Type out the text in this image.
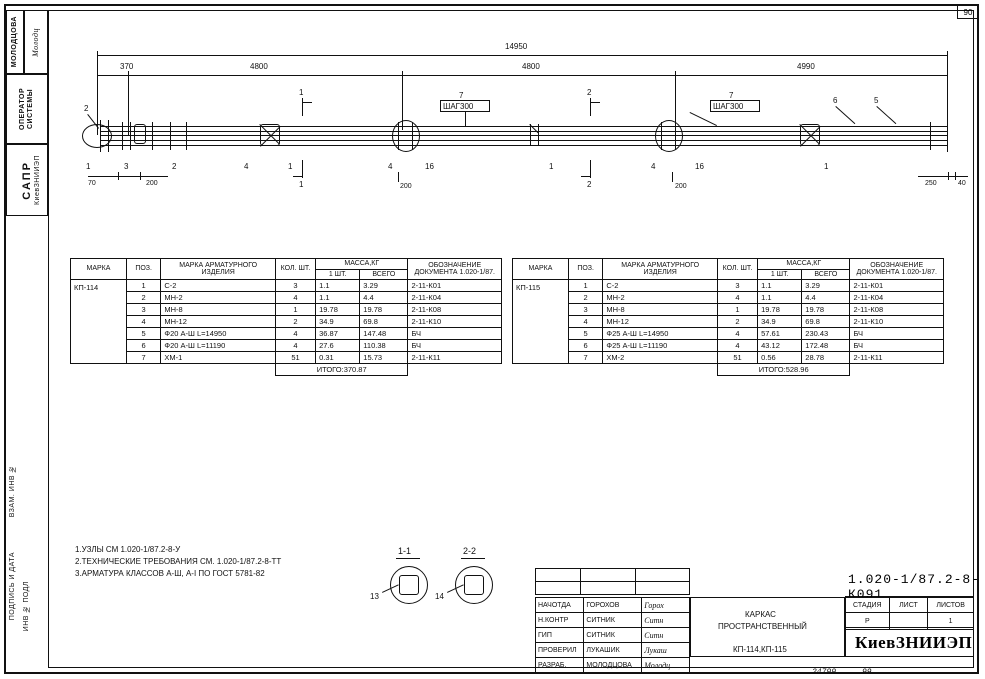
90
МОЛОДЦОВА Молодц
ОПЕРАТОР СИСТЕМЫ
САПР КиевЗНИИЭП
ВЗАМ. ИНВ №
ПОДПИСЬ И ДАТА ИНВ № ПОДЛ
14950
370	4800	4800	4990
1	2
1	2
7
ШАГ300
7
ШАГ300
2
1	3	2	4	1	4	16	1	4	16	1
6	5
70	200	200	200	250	40
МАРКА	ПОЗ.	МАРКА АРМАТУРНОГО ИЗДЕЛИЯ	КОЛ. ШТ.	МАССА,КГ		ОБОЗНАЧЕНИЕ ДОКУМЕНТА 1.020-1/87.
				1 ШТ.	ВСЕГО	
КП-114	1	С-2	3	1.1	3.29	2-11-К01
	2	МН-2	4	1.1	4.4	2-11-К04
	3	МН-8	1	19.78	19.78	2-11-К08
	4	МН-12	2	34.9	69.8	2-11-К10
	5	Ф20 А-Ш L=14950	4	36.87	147.48	БЧ
	6	Ф20 А-Ш L=11190	4	27.6	110.38	БЧ
	7	ХМ-1	51	0.31	15.73	2-11-К11
			ИТОГО:370.87			
МАРКА	ПОЗ.	МАРКА АРМАТУРНОГО ИЗДЕЛИЯ	КОЛ. ШТ.	МАССА,КГ		ОБОЗНАЧЕНИЕ ДОКУМЕНТА 1.020-1/87.
				1 ШТ.	ВСЕГО	
КП-115	1	С-2	3	1.1	3.29	2-11-К01
	2	МН-2	4	1.1	4.4	2-11-К04
	3	МН-8	1	19.78	19.78	2-11-К08
	4	МН-12	2	34.9	69.8	2-11-К10
	5	Ф25 А-Ш L=14950	4	57.61	230.43	БЧ
	6	Ф25 А-Ш L=11190	4	43.12	172.48	БЧ
	7	ХМ-2	51	0.56	28.78	2-11-К11
			ИТОГО:528.96			
1.УЗЛЫ СМ 1.020-1/87.2-8-У
2.ТЕХНИЧЕСКИЕ ТРЕБОВАНИЯ СМ. 1.020-1/87.2-8-ТТ
3.АРМАТУРА КЛАССОВ А-Ш, А-I ПО ГОСТ 5781-82
1-1
13
2-2
14

НАЧОТДА	ГОРОХОВ	Горох
Н.КОНТР	СИТНИК	Ситн
ГИП	СИТНИК	Ситн
ПРОВЕРИЛ	ЛУКАШИК	Лукаш
РАЗРАБ.	МОЛОДЦОВА	Молодц
КАРКАС
ПРОСТРАНСТВЕННЫЙ
КП-114,КП-115
1.020-1/87.2-8-К091
СТАДИЯ	ЛИСТ	ЛИСТОВ
Р		1
КиевЗНИИЭП
24799	99
